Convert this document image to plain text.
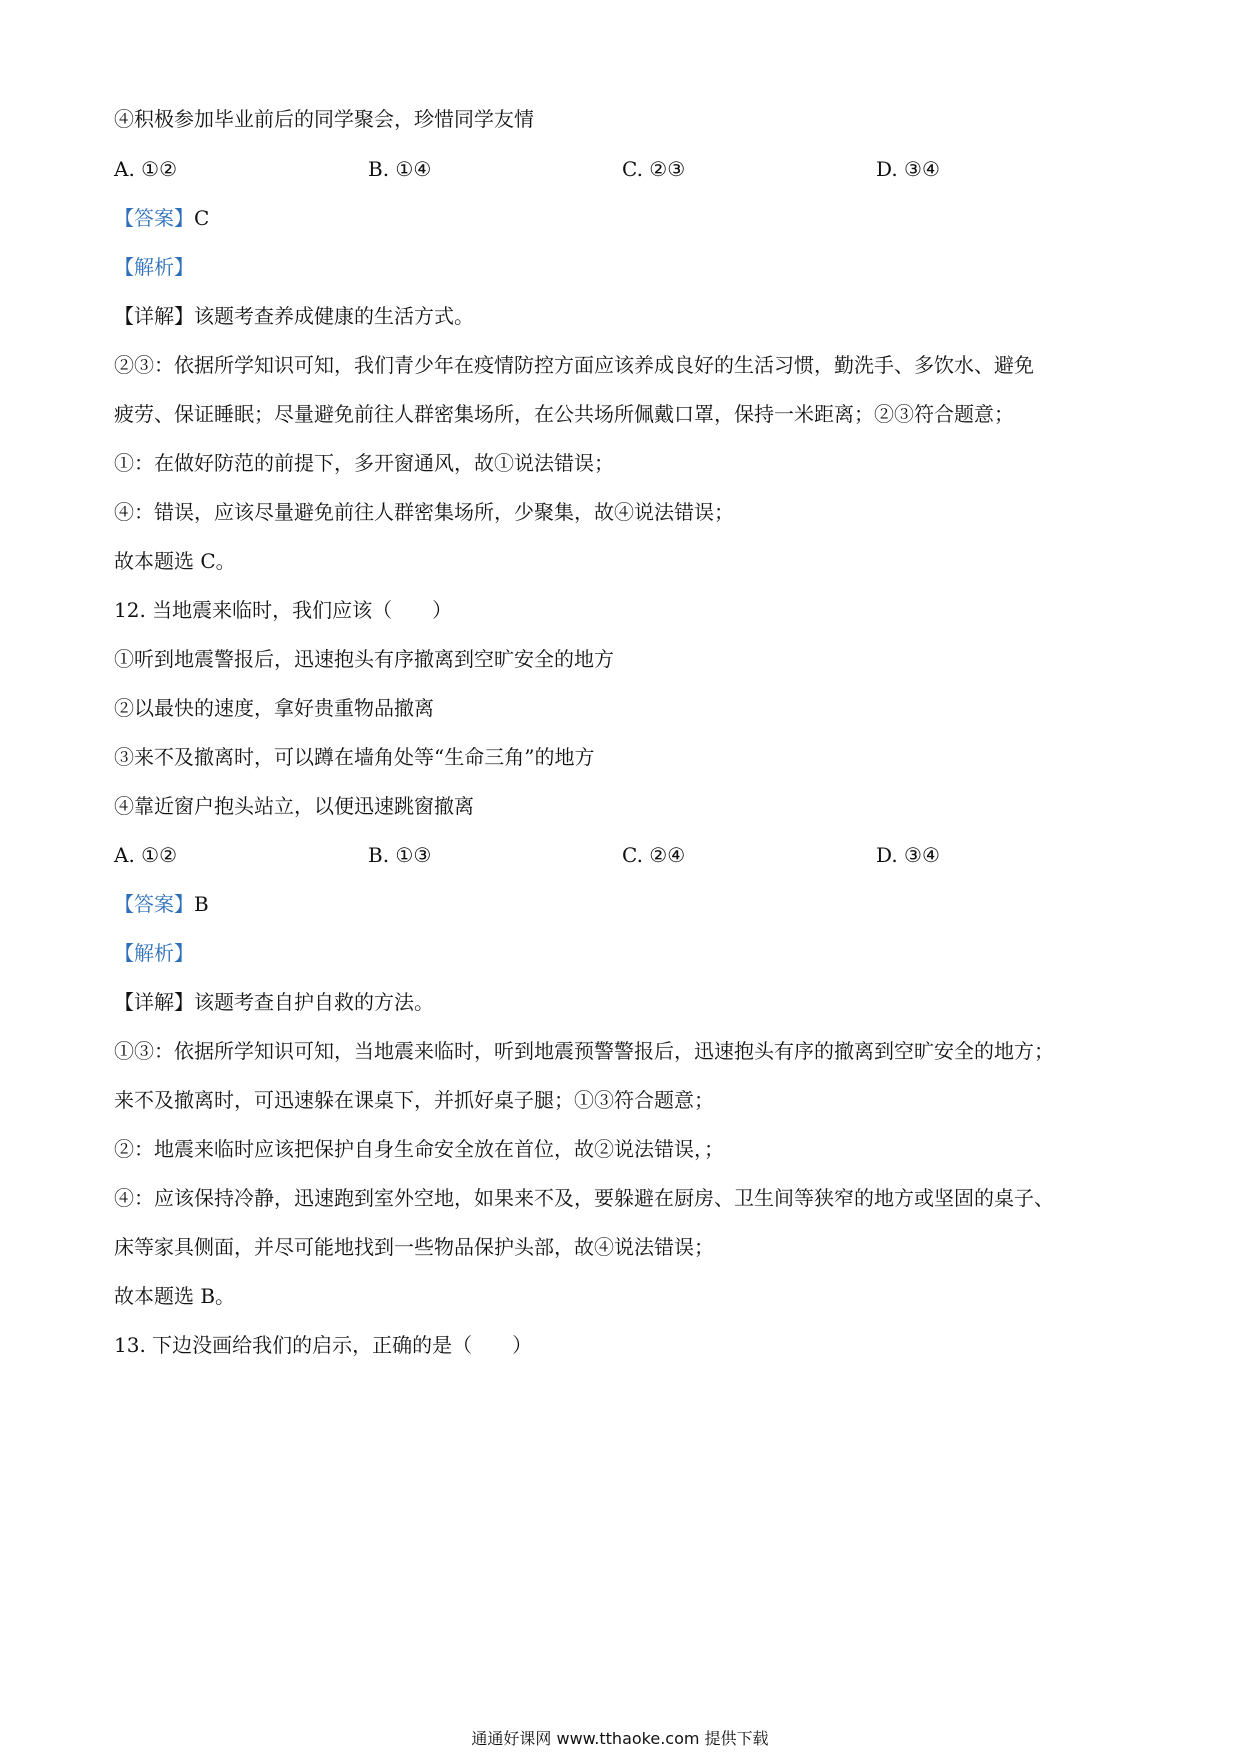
④积极参加毕业前后的同学聚会，珍惜同学友情
A. ①②	B. ①④	C. ②③	D. ③④
【答案】C
【解析】
【详解】该题考查养成健康的生活方式。
②③：依据所学知识可知，我们青少年在疫情防控方面应该养成良好的生活习惯，勤洗手、多饮水、避免
疲劳、保证睡眠；尽量避免前往人群密集场所，在公共场所佩戴口罩，保持一米距离；②③符合题意；
①：在做好防范的前提下，多开窗通风，故①说法错误；
④：错误，应该尽量避免前往人群密集场所，少聚集，故④说法错误；
故本题选 C。
12. 当地震来临时，我们应该（　　）
①听到地震警报后，迅速抱头有序撤离到空旷安全的地方
②以最快的速度，拿好贵重物品撤离
③来不及撤离时，可以蹲在墙角处等“生命三角”的地方
④靠近窗户抱头站立，以便迅速跳窗撤离
A. ①②	B. ①③	C. ②④	D. ③④
【答案】B
【解析】
【详解】该题考查自护自救的方法。
①③：依据所学知识可知，当地震来临时，听到地震预警警报后，迅速抱头有序的撤离到空旷安全的地方；
来不及撤离时，可迅速躲在课桌下，并抓好桌子腿；①③符合题意；
②：地震来临时应该把保护自身生命安全放在首位，故②说法错误，；
④：应该保持冷静，迅速跑到室外空地，如果来不及，要躲避在厨房、卫生间等狭窄的地方或坚固的桌子、
床等家具侧面，并尽可能地找到一些物品保护头部，故④说法错误；
故本题选 B。
13. 下边没画给我们的启示，正确的是（　　）
通通好课网 www.tthaoke.com 提供下载
